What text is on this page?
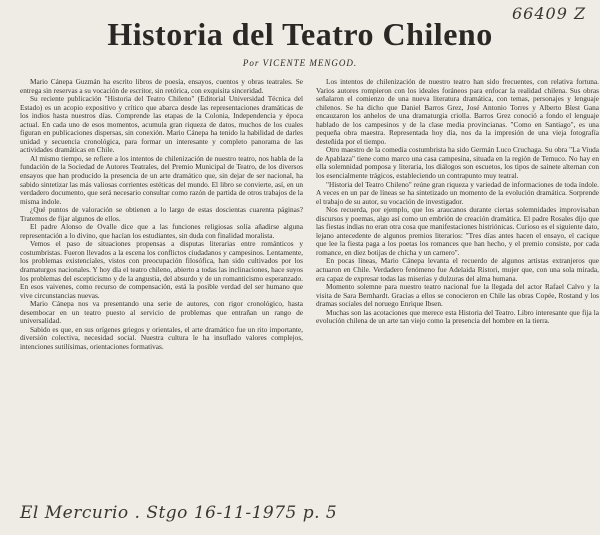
66409 Z
Historia del Teatro Chileno
Por VICENTE MENGOD.

Mario Cánepa Guzmán ha escrito libros de poesía, ensayos, cuentos y obras teatrales. Se entrega sin reservas a su vocación de escritor, sin retórica, con exquisita sinceridad.

Su reciente publicación "Historia del Teatro Chileno" (Editorial Universidad Técnica del Estado) es un acopio expositivo y crítico que abarca desde las representaciones dramáticas de los indios hasta nuestros días. Comprende las etapas de la Colonia, Independencia y época actual. En cada uno de esos momentos, acumula gran riqueza de datos, muchos de los cuales figuran en publicaciones dispersas, sin conexión. Mario Cánepa ha tenido la habilidad de darles unidad y secuencia cronológica, para formar un interesante y completo panorama de las actividades dramáticas en Chile.

Al mismo tiempo, se refiere a los intentos de chilenización de nuestro teatro, nos habla de la fundación de la Sociedad de Autores Teatrales, del Premio Municipal de Teatro, de los diversos ensayos que han producido la presencia de un arte dramático que, sin dejar de ser nacional, ha sabido sintetizar las más valiosas corrientes estéticas del mundo. El libro se convierte, así, en un verdadero documento, que será necesario consultar como razón de partida de otros trabajos de la misma índole.

¿Qué puntos de valoración se obtienen a lo largo de estas doscientas cuarenta páginas? Tratemos de fijar algunos de ellos.

El padre Alonso de Ovalle dice que a las funciones religiosas solía añadirse alguna representación a lo divino, que hacían los estudiantes, sin duda con finalidad moralista.

Vemos el paso de situaciones propensas a disputas literarias entre románticos y costumbristas. Fueron llevados a la escena los conflictos ciudadanos y campesinos. Lentamente, los problemas existenciales, vistos con preocupación filosófica, han sido cultivados por los dramaturgos nacionales. Y hoy día el teatro chileno, abierto a todas las inclinaciones, hace suyos los problemas del escepticismo y de la angustia, del absurdo y de un romanticismo esperanzado. En esos vaivenes, como recurso de compensación, está la posible verdad del ser humano que vive circunstancias nuevas.

Mario Cánepa nos va presentando una serie de autores, con rigor cronológico, hasta desembocar en un teatro puesto al servicio de problemas que entrañan un rango de universalidad.

Sabido es que, en sus orígenes griegos y orientales, el arte dramático fue un rito importante, diversión colectiva, necesidad social. Nuestra cultura le ha insuflado valores complejos, intenciones sutilísimas, orientaciones formativas.

Los intentos de chilenización de nuestro teatro han sido frecuentes, con relativa fortuna. Varios autores rompieron con los ideales foráneos para enfocar la realidad chilena. Sus obras señalaron el comienzo de una nueva literatura dramática, con temas, personajes y lenguaje chilenos. Se ha dicho que Daniel Barros Grez, José Antonio Torres y Alberto Blest Gana encauzaron los anhelos de una dramaturgia criolla. Barros Grez conoció a fondo el lenguaje hablado de los campesinos y de la clase media provincianas. "Como en Santiago", es una pequeña obra maestra. Representada hoy día, nos da la impresión de una vieja fotografía desteñida por el tiempo.

Otro maestro de la comedia costumbrista ha sido Germán Luco Cruchaga. Su obra "La Viuda de Apablaza" tiene como marco una casa campesina, situada en la región de Temuco. No hay en ella solemnidad pomposa y literaria, los diálogos son escuetos, los tipos de sainete alternan con los esencialmente trágicos, estableciendo un contrapunto muy teatral.

"Historia del Teatro Chileno" reúne gran riqueza y variedad de informaciones de toda índole. A veces en un par de líneas se ha sintetizado un momento de la evolución dramática. Sorprende el trabajo de su autor, su vocación de investigador.

Nos recuerda, por ejemplo, que los araucanos durante ciertas solemnidades improvisaban discursos y poemas, algo así como un embrión de creación dramática. El padre Rosales dijo que las fiestas indias no eran otra cosa que manifestaciones histriónicas. Curioso es el siguiente dato, lejano antecedente de algunos premios literarios: "Tres días antes hacen el ensayo, el cacique que lee la fiesta paga a los poetas los romances que han hecho, y el premio consiste, por cada romance, en diez botijas de chicha y un carnero".

En pocas líneas, Mario Cánepa levanta el recuerdo de algunos artistas extranjeros que actuaron en Chile. Verdadero fenómeno fue Adelaida Ristori, mujer que, con una sola mirada, era capaz de expresar todas las miserias y dulzuras del alma humana.

Momento solemne para nuestro teatro nacional fue la llegada del actor Rafael Calvo y la visita de Sara Bernhardt. Gracias a ellos se conocieron en Chile las obras Copée, Rostand y los dramas sociales del noruego Enrique Ibsen.

Muchas son las acotaciones que merece esta Historia del Teatro. Libro interesante que fija la evolución chilena de un arte tan viejo como la presencia del hombre en la tierra.

El Mercurio . Stgo 16-11-1975 p. 5
